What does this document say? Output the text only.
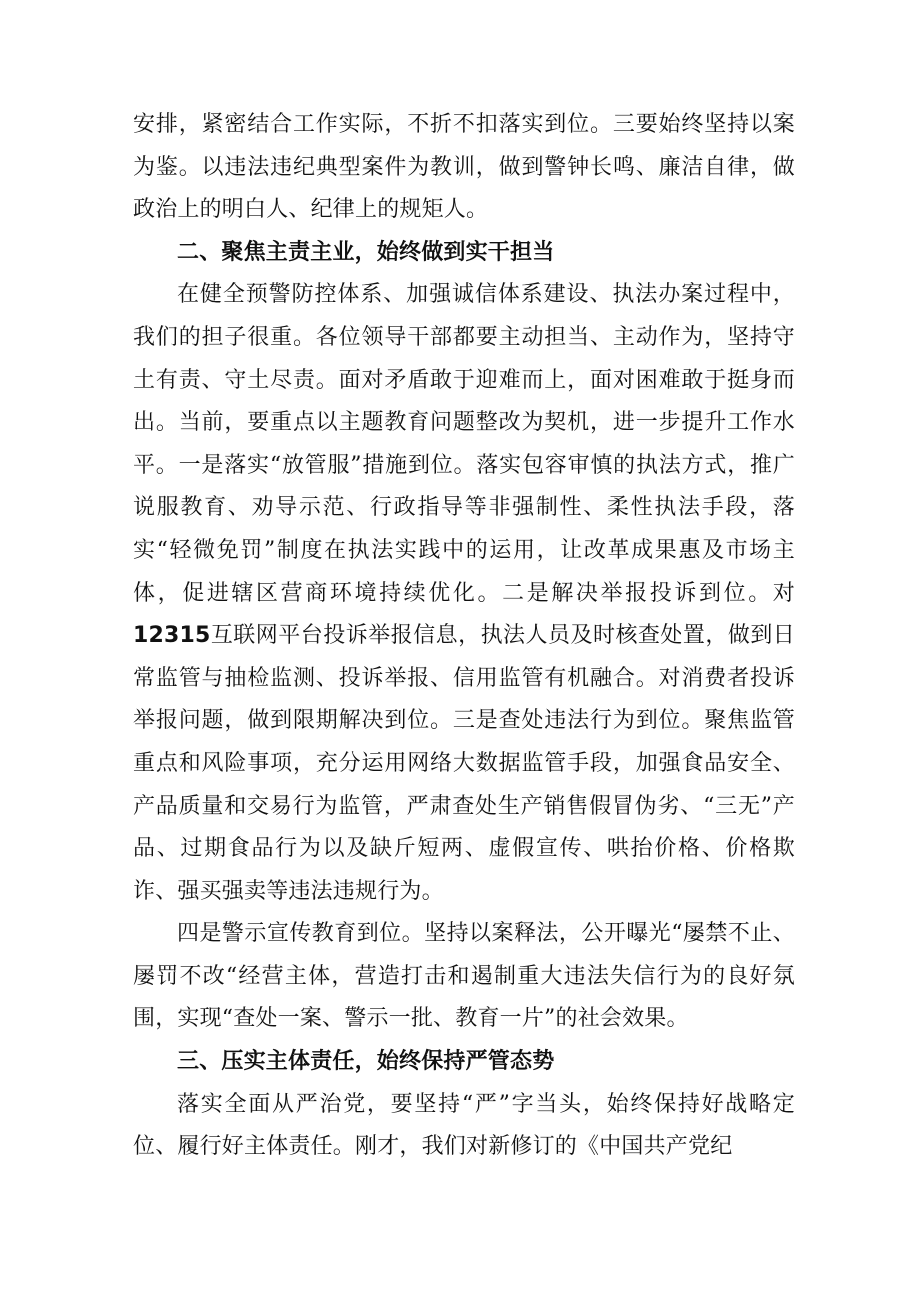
安排，紧密结合工作实际，不折不扣落实到位。三要始终坚持以案为鉴。以违法违纪典型案件为教训，做到警钟长鸣、廉洁自律，做政治上的明白人、纪律上的规矩人。

二、聚焦主责主业，始终做到实干担当

在健全预警防控体系、加强诚信体系建设、执法办案过程中，我们的担子很重。各位领导干部都要主动担当、主动作为，坚持守土有责、守土尽责。面对矛盾敢于迎难而上，面对困难敢于挺身而出。当前，要重点以主题教育问题整改为契机，进一步提升工作水平。一是落实“放管服”措施到位。落实包容审慎的执法方式，推广说服教育、劝导示范、行政指导等非强制性、柔性执法手段，落实“轻微免罚”制度在执法实践中的运用，让改革成果惠及市场主体，促进辖区营商环境持续优化。二是解决举报投诉到位。对12315互联网平台投诉举报信息，执法人员及时核查处置，做到日常监管与抽检监测、投诉举报、信用监管有机融合。对消费者投诉举报问题，做到限期解决到位。三是查处违法行为到位。聚焦监管重点和风险事项，充分运用网络大数据监管手段，加强食品安全、产品质量和交易行为监管，严肃查处生产销售假冒伪劣、“三无”产品、过期食品行为以及缺斤短两、虚假宣传、哄抬价格、价格欺诈、强买强卖等违法违规行为。

四是警示宣传教育到位。坚持以案释法，公开曝光“屡禁不止、屡罚不改“经营主体，营造打击和遏制重大违法失信行为的良好氛围，实现“查处一案、警示一批、教育一片”的社会效果。

三、压实主体责任，始终保持严管态势

落实全面从严治党，要坚持“严”字当头，始终保持好战略定位、履行好主体责任。刚才，我们对新修订的《中国共产党纪
